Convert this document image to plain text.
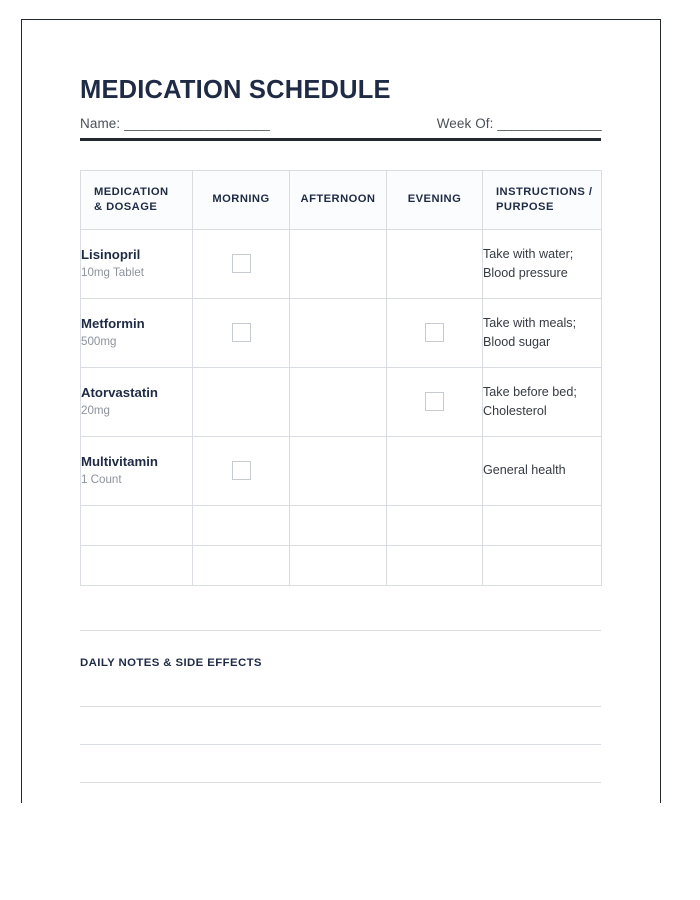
MEDICATION SCHEDULE
Name: _____________________	Week Of: _______________
MEDICATION
& DOSAGE	MORNING	AFTERNOON	EVENING	INSTRUCTIONS /
PURPOSE

Lisinopril
10mg Tablet
				Take with water;
Blood pressure

Metformin
500mg
				Take with meals;
Blood sugar

Atorvastatin
20mg
				Take before bed;
Cholesterol

Multivitamin
1 Count				General health

DAILY NOTES & SIDE EFFECTS
